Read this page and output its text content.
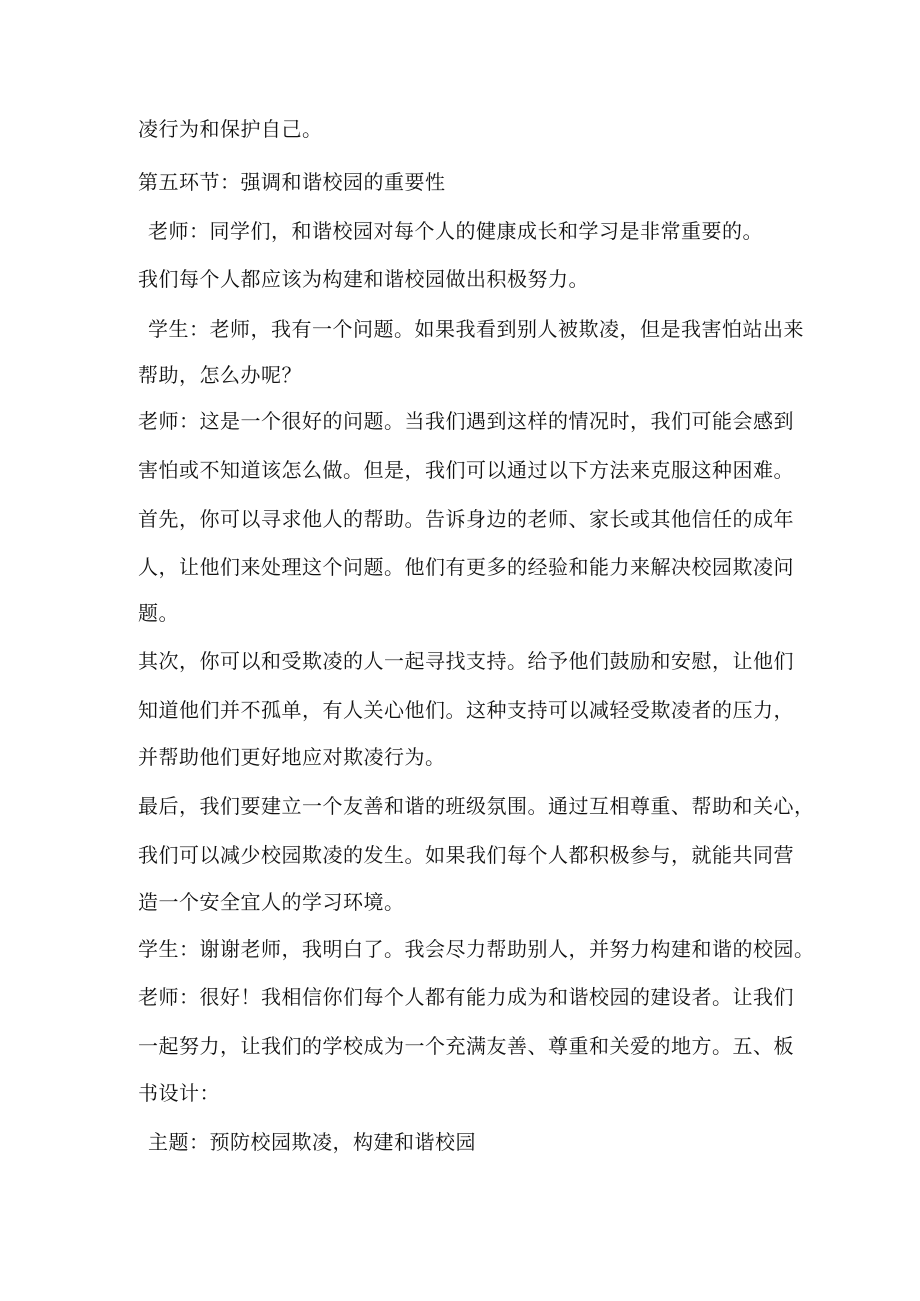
凌行为和保护自己。
第五环节：强调和谐校园的重要性
老师：同学们，和谐校园对每个人的健康成长和学习是非常重要的。
我们每个人都应该为构建和谐校园做出积极努力。
学生：老师，我有一个问题。如果我看到别人被欺凌，但是我害怕站出来
帮助，怎么办呢？
老师：这是一个很好的问题。当我们遇到这样的情况时，我们可能会感到
害怕或不知道该怎么做。但是，我们可以通过以下方法来克服这种困难。
首先，你可以寻求他人的帮助。告诉身边的老师、家长或其他信任的成年
人，让他们来处理这个问题。他们有更多的经验和能力来解决校园欺凌问
题。
其次，你可以和受欺凌的人一起寻找支持。给予他们鼓励和安慰，让他们
知道他们并不孤单，有人关心他们。这种支持可以减轻受欺凌者的压力，
并帮助他们更好地应对欺凌行为。
最后，我们要建立一个友善和谐的班级氛围。通过互相尊重、帮助和关心，
我们可以减少校园欺凌的发生。如果我们每个人都积极参与，就能共同营
造一个安全宜人的学习环境。
学生：谢谢老师，我明白了。我会尽力帮助别人，并努力构建和谐的校园。
老师：很好！我相信你们每个人都有能力成为和谐校园的建设者。让我们
一起努力，让我们的学校成为一个充满友善、尊重和关爱的地方。五、板
书设计：
主题：预防校园欺凌，构建和谐校园
